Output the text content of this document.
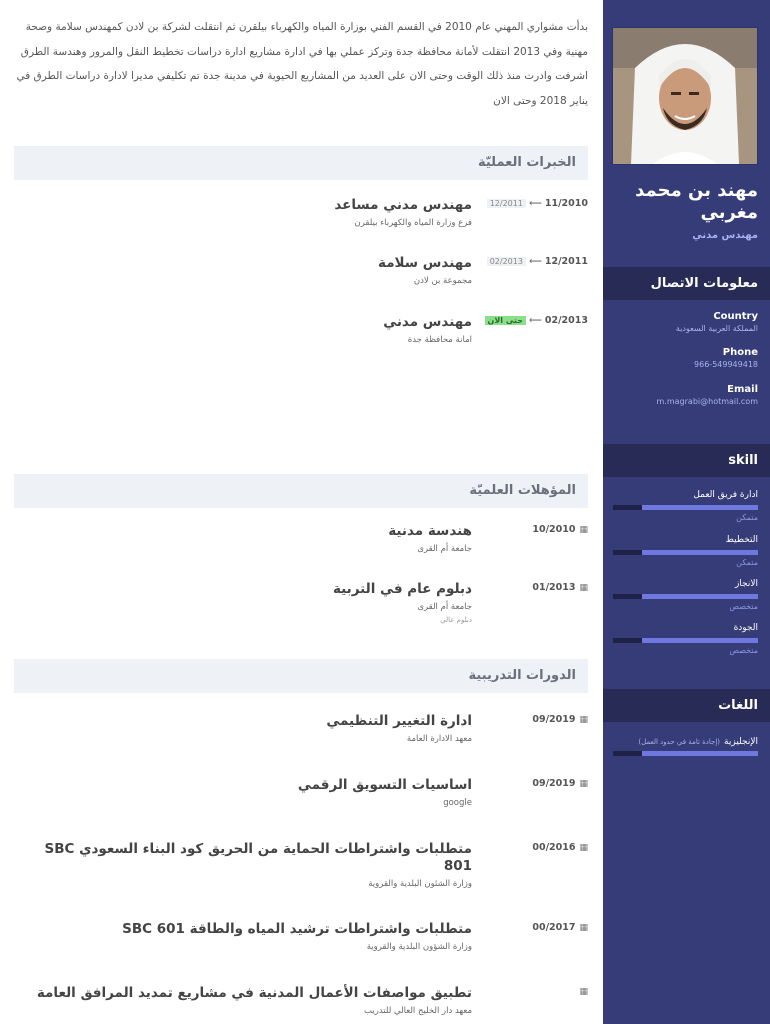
مهند بن محمد مغربي
مهندس مدني
معلومات الاتصال
Country
المملكة العربية السعودية
Phone
966-549949418
Email
m.magrabi@hotmail.com
skill
ادارة فريق العمل
متمكن
التخطيط
متمكن
الانجاز
متخصص
الجودة
متخصص
اللغات
الإنجليزية(إجادة تامة في حدود العمل)
بدأت مشواري المهني عام 2010 في القسم الفني بوزارة المياه والكهرباء بيلقرن ثم انتقلت لشركة بن لادن كمهندس سلامة وصحة مهنية وفي 2013 انتقلت لأمانة محافظة جدة وتركز عملي بها في ادارة مشاريع ادارة دراسات تخطيط النقل والمرور وهندسة الطرق اشرفت وادرت منذ ذلك الوقت وحتى الان على العديد من المشاريع الحيوية في مدينة جدة تم تكليفي مديرا لادارة دراسات الطرق في يناير 2018 وحتى الان
الخبرات العمليّة
11/2010⟵12/2011
مهندس مدني مساعد
فرع وزارة المياه والكهرباء بيلقرن
12/2011⟵02/2013
مهندس سلامة
مجموعة بن لادن
02/2013⟵حتى الان
مهندس مدني
امانة محافظة جدة
المؤهلات العلميّة
▦10/2010
هندسة مدنية
جامعة أم القرى
▦01/2013
دبلوم عام في التربية
جامعة أم القرى
دبلوم عالي
الدورات التدريبية
▦09/2019
ادارة التغيير التنظيمي
معهد الادارة العامة
▦09/2019
اساسيات التسويق الرقمي
google
▦00/2016
متطلبات واشتراطات الحماية من الحريق كود البناء السعودي SBC 801
وزارة الشئون البلدية والقروية
▦00/2017
متطلبات واشتراطات ترشيد المياه والطاقة SBC 601
وزارة الشؤون البلدية والقروية
▦
تطبيق مواصفات الأعمال المدنية في مشاريع تمديد المرافق العامة
معهد دار الخليج العالي للتدريب
